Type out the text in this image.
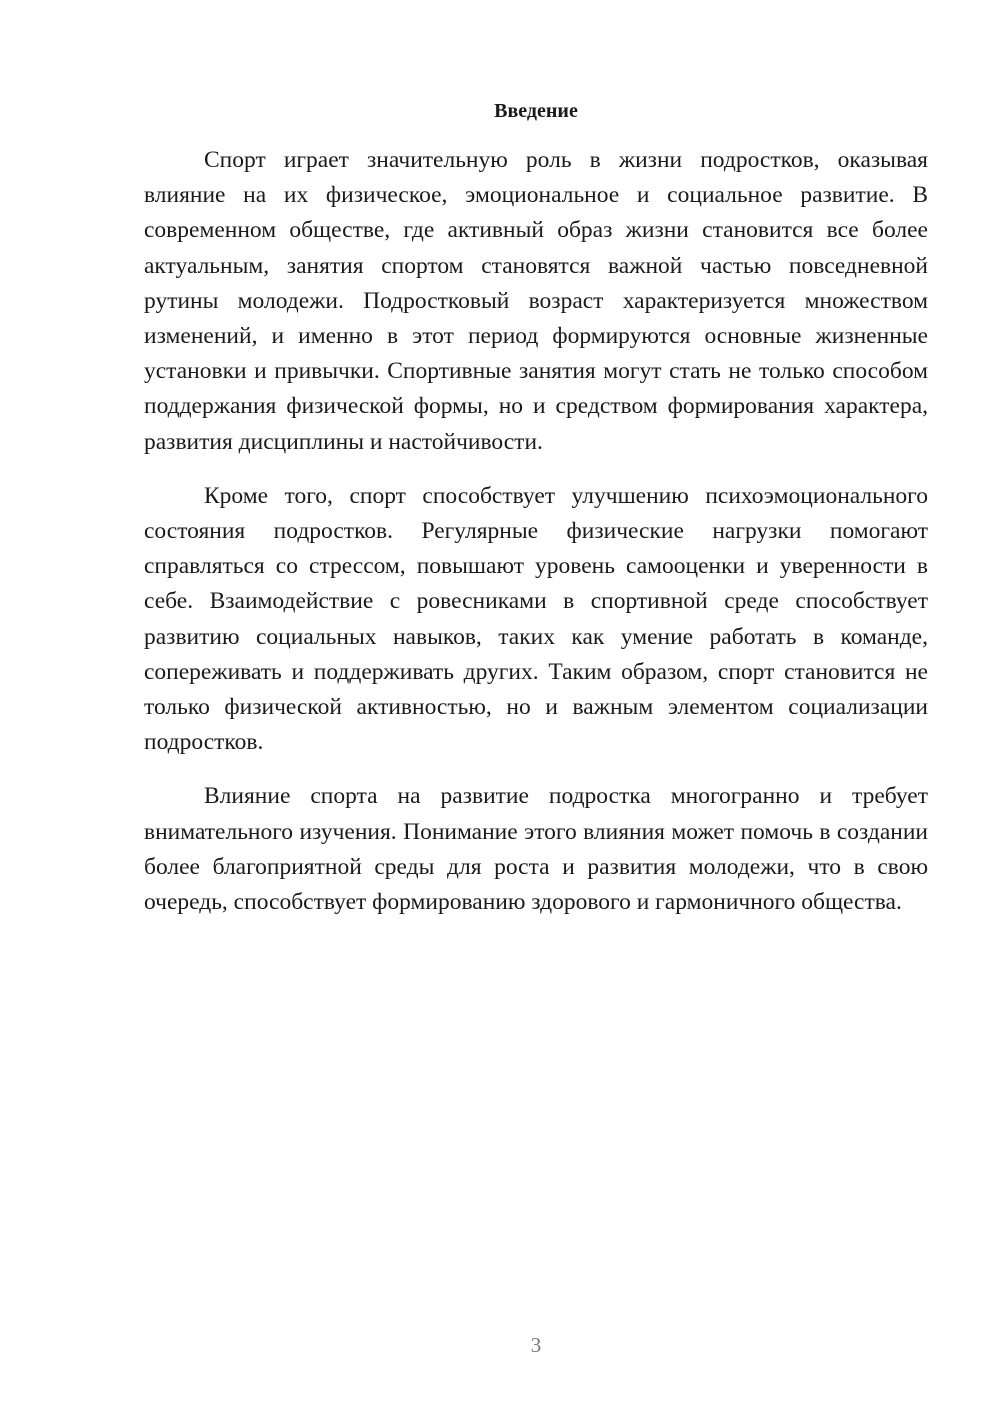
Введение

Спорт играет значительную роль в жизни подростков, оказывая влияние на их физическое, эмоциональное и социальное развитие. В современном обществе, где активный образ жизни становится все более актуальным, занятия спортом становятся важной частью повседневной рутины молодежи. Подростковый возраст характеризуется множеством изменений, и именно в этот период формируются основные жизненные установки и привычки. Спортивные занятия могут стать не только способом поддержания физической формы, но и средством формирования характера, развития дисциплины и настойчивости.

Кроме того, спорт способствует улучшению психоэмоционального состояния подростков. Регулярные физические нагрузки помогают справляться со стрессом, повышают уровень самооценки и уверенности в себе. Взаимодействие с ровесниками в спортивной среде способствует развитию социальных навыков, таких как умение работать в команде, сопереживать и поддерживать других. Таким образом, спорт становится не только физической активностью, но и важным элементом социализации подростков.

Влияние спорта на развитие подростка многогранно и требует внимательного изучения. Понимание этого влияния может помочь в создании более благоприятной среды для роста и развития молодежи, что в свою очередь, способствует формированию здорового и гармоничного общества.

3
